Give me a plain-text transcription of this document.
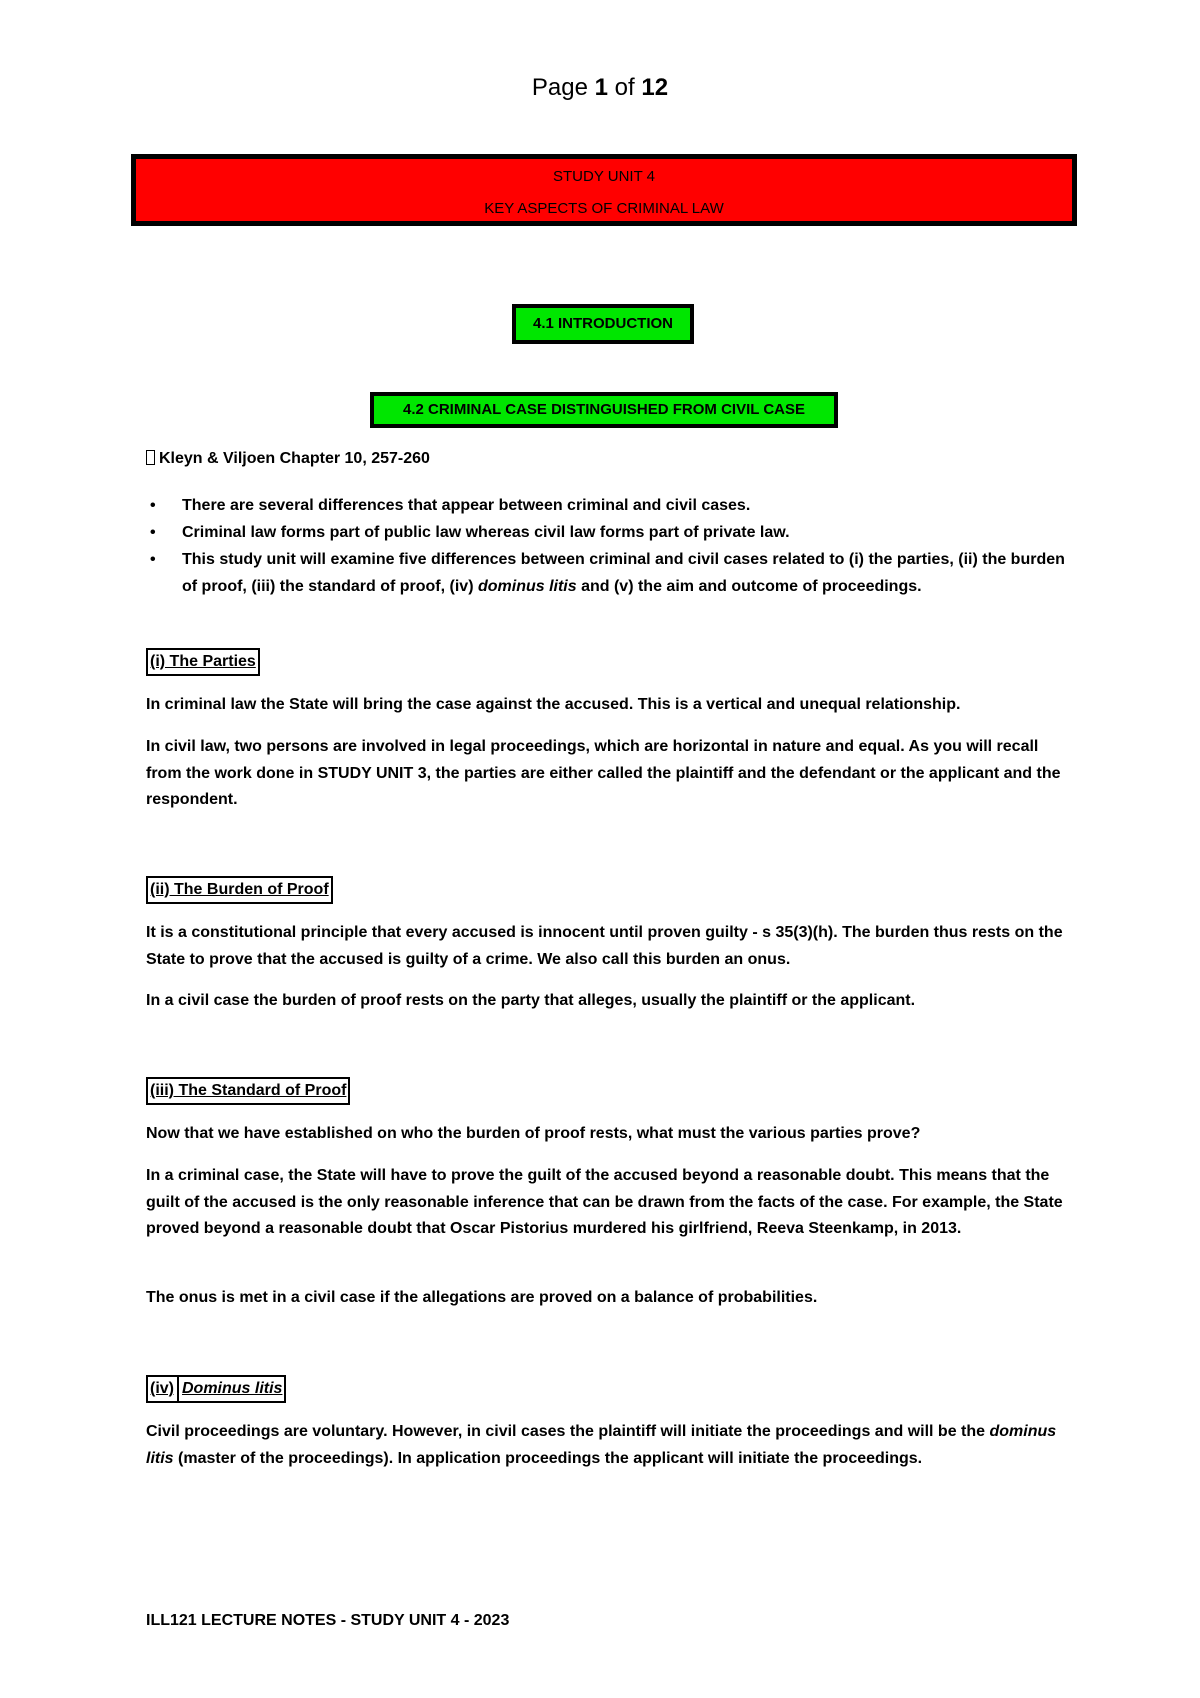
Page 1 of 12
STUDY UNIT 4
KEY ASPECTS OF CRIMINAL LAW
4.1 INTRODUCTION
4.2 CRIMINAL CASE DISTINGUISHED FROM CIVIL CASE
Kleyn & Viljoen Chapter 10, 257-260
• There are several differences that appear between criminal and civil cases.
• Criminal law forms part of public law whereas civil law forms part of private law.
• This study unit will examine five differences between criminal and civil cases related to (i) the parties, (ii) the burden of proof, (iii) the standard of proof, (iv) dominus litis and (v) the aim and outcome of proceedings.
(i) The Parties
In criminal law the State will bring the case against the accused. This is a vertical and unequal relationship.
In civil law, two persons are involved in legal proceedings, which are horizontal in nature and equal. As you will recall from the work done in STUDY UNIT 3, the parties are either called the plaintiff and the defendant or the applicant and the respondent.
(ii) The Burden of Proof
It is a constitutional principle that every accused is innocent until proven guilty - s 35(3)(h). The burden thus rests on the State to prove that the accused is guilty of a crime. We also call this burden an onus.
In a civil case the burden of proof rests on the party that alleges, usually the plaintiff or the applicant.
(iii) The Standard of Proof
Now that we have established on who the burden of proof rests, what must the various parties prove?
In a criminal case, the State will have to prove the guilt of the accused beyond a reasonable doubt. This means that the guilt of the accused is the only reasonable inference that can be drawn from the facts of the case. For example, the State proved beyond a reasonable doubt that Oscar Pistorius murdered his girlfriend, Reeva Steenkamp, in 2013.
The onus is met in a civil case if the allegations are proved on a balance of probabilities.
(iv) Dominus litis
Civil proceedings are voluntary. However, in civil cases the plaintiff will initiate the proceedings and will be the dominus litis (master of the proceedings). In application proceedings the applicant will initiate the proceedings.
ILL121 LECTURE NOTES - STUDY UNIT 4 - 2023
